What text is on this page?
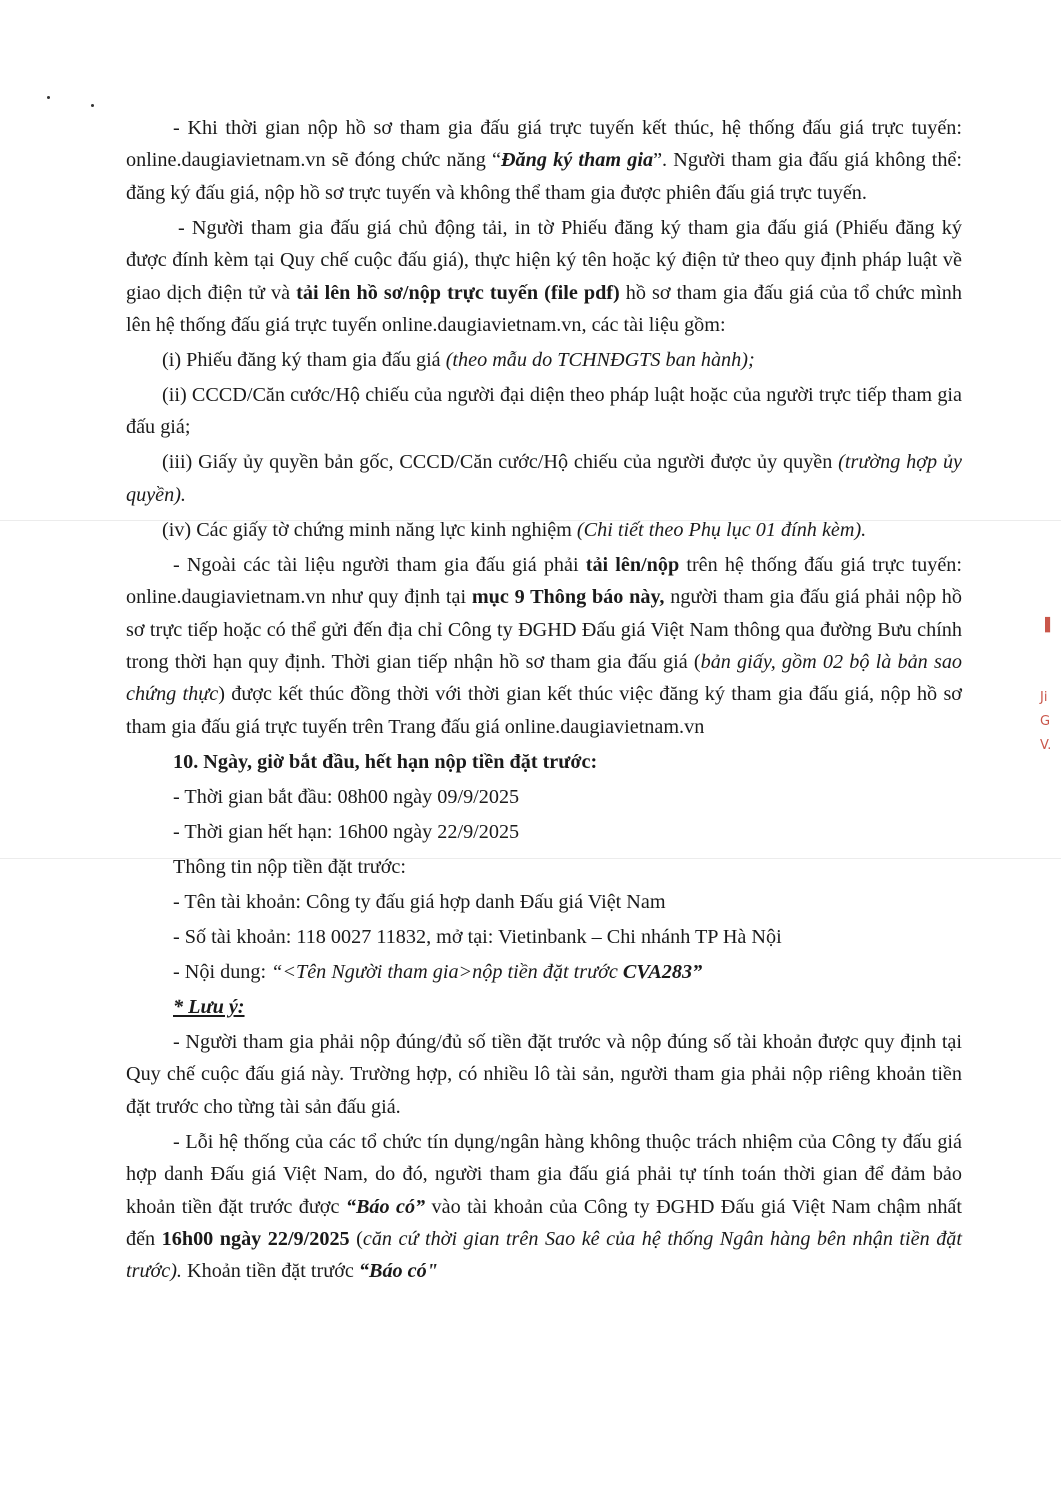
▐
Ji
G
V.

- Khi thời gian nộp hồ sơ tham gia đấu giá trực tuyến kết thúc, hệ thống đấu giá trực tuyến: online.daugiavietnam.vn sẽ đóng chức năng “Đăng ký tham gia”. Người tham gia đấu giá không thể: đăng ký đấu giá, nộp hồ sơ trực tuyến và không thể tham gia được phiên đấu giá trực tuyến.

- Người tham gia đấu giá chủ động tải, in tờ Phiếu đăng ký tham gia đấu giá (Phiếu đăng ký được đính kèm tại Quy chế cuộc đấu giá), thực hiện ký tên hoặc ký điện tử theo quy định pháp luật về giao dịch điện tử và tải lên hồ sơ/nộp trực tuyến (file pdf) hồ sơ tham gia đấu giá của tổ chức mình lên hệ thống đấu giá trực tuyến online.daugiavietnam.vn, các tài liệu gồm:

(i) Phiếu đăng ký tham gia đấu giá (theo mẫu do TCHNĐGTS ban hành);

(ii) CCCD/Căn cước/Hộ chiếu của người đại diện theo pháp luật hoặc của người trực tiếp tham gia đấu giá;

(iii) Giấy ủy quyền bản gốc, CCCD/Căn cước/Hộ chiếu của người được ủy quyền (trường hợp ủy quyền).

(iv) Các giấy tờ chứng minh năng lực kinh nghiệm (Chi tiết theo Phụ lục 01 đính kèm).

- Ngoài các tài liệu người tham gia đấu giá phải tải lên/nộp trên hệ thống đấu giá trực tuyến: online.daugiavietnam.vn như quy định tại mục 9 Thông báo này, người tham gia đấu giá phải nộp hồ sơ trực tiếp hoặc có thể gửi đến địa chỉ Công ty ĐGHD Đấu giá Việt Nam thông qua đường Bưu chính trong thời hạn quy định. Thời gian tiếp nhận hồ sơ tham gia đấu giá (bản giấy, gồm 02 bộ là bản sao chứng thực) được kết thúc đồng thời với thời gian kết thúc việc đăng ký tham gia đấu giá, nộp hồ sơ tham gia đấu giá trực tuyến trên Trang đấu giá online.daugiavietnam.vn

10. Ngày, giờ bắt đầu, hết hạn nộp tiền đặt trước:

- Thời gian bắt đầu: 08h00 ngày 09/9/2025

- Thời gian hết hạn: 16h00 ngày 22/9/2025

Thông tin nộp tiền đặt trước:

- Tên tài khoản: Công ty đấu giá hợp danh Đấu giá Việt Nam

- Số tài khoản: 118 0027 11832, mở tại: Vietinbank – Chi nhánh TP Hà Nội

- Nội dung: “<Tên Người tham gia>nộp tiền đặt trước CVA283”

* Lưu ý:

- Người tham gia phải nộp đúng/đủ số tiền đặt trước và nộp đúng số tài khoản được quy định tại Quy chế cuộc đấu giá này. Trường hợp, có nhiều lô tài sản, người tham gia phải nộp riêng khoản tiền đặt trước cho từng tài sản đấu giá.

- Lỗi hệ thống của các tổ chức tín dụng/ngân hàng không thuộc trách nhiệm của Công ty đấu giá hợp danh Đấu giá Việt Nam, do đó, người tham gia đấu giá phải tự tính toán thời gian để đảm bảo khoản tiền đặt trước được “Báo có” vào tài khoản của Công ty ĐGHD Đấu giá Việt Nam chậm nhất đến 16h00 ngày 22/9/2025 (căn cứ thời gian trên Sao kê của hệ thống Ngân hàng bên nhận tiền đặt trước). Khoản tiền đặt trước “Báo có"
